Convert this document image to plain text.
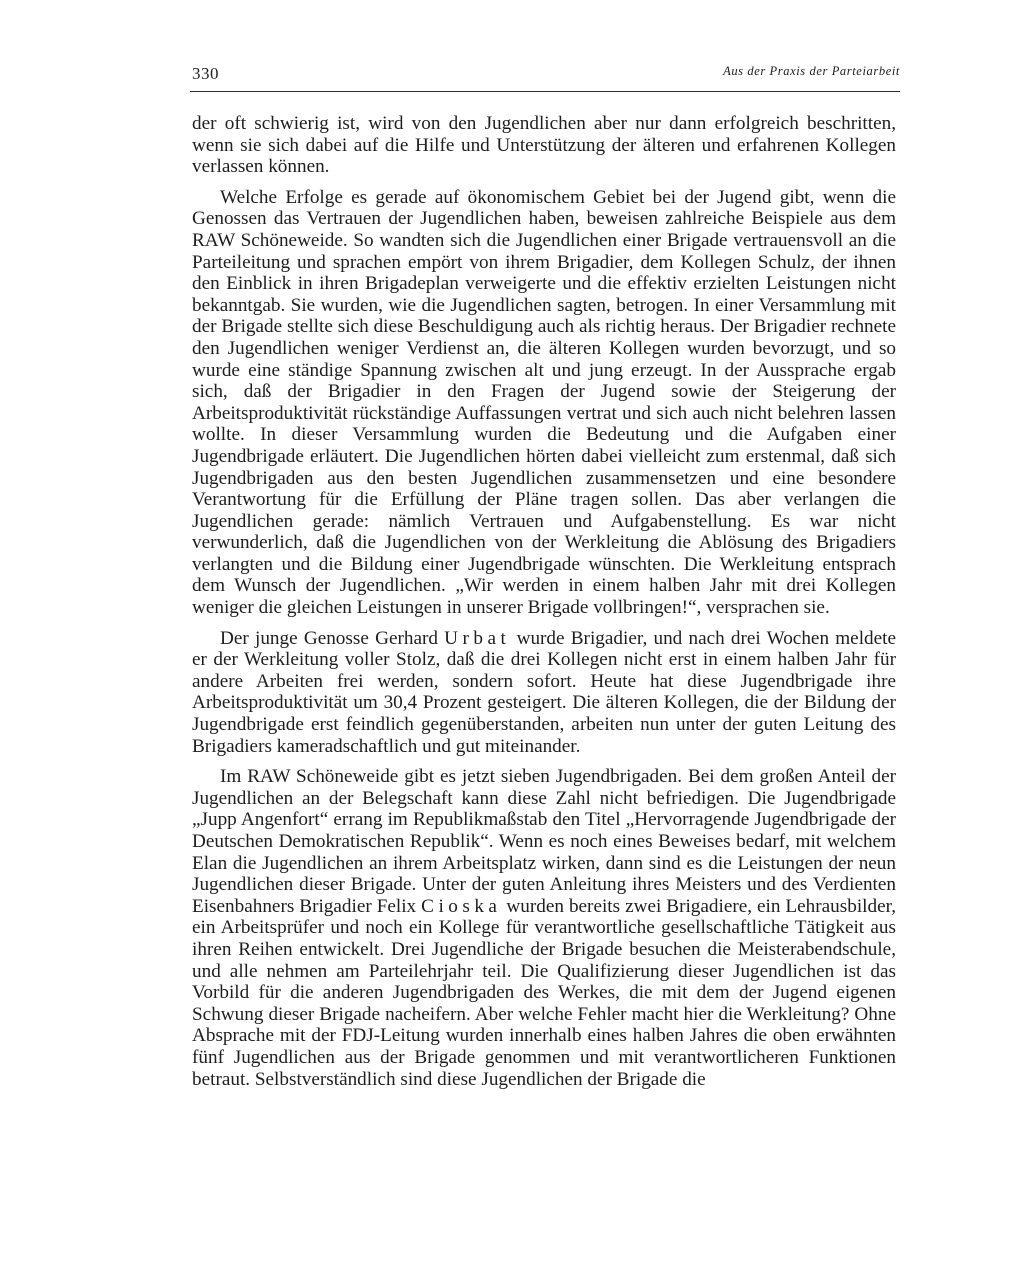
330	Aus der Praxis der Parteiarbeit

der oft schwierig ist, wird von den Jugendlichen aber nur dann erfolgreich beschritten, wenn sie sich dabei auf die Hilfe und Unterstützung der älteren und erfahrenen Kollegen verlassen können.

Welche Erfolge es gerade auf ökonomischem Gebiet bei der Jugend gibt, wenn die Genossen das Vertrauen der Jugendlichen haben, beweisen zahlreiche Beispiele aus dem RAW Schöneweide. So wandten sich die Jugendlichen einer Brigade vertrauensvoll an die Parteileitung und sprachen empört von ihrem Brigadier, dem Kollegen Schulz, der ihnen den Einblick in ihren Brigadeplan verweigerte und die effektiv erzielten Leistungen nicht bekanntgab. Sie wurden, wie die Jugendlichen sagten, betrogen. In einer Versammlung mit der Brigade stellte sich diese Beschuldigung auch als richtig heraus. Der Brigadier rechnete den Jugendlichen weniger Verdienst an, die älteren Kollegen wurden bevorzugt, und so wurde eine ständige Spannung zwischen alt und jung erzeugt. In der Aussprache ergab sich, daß der Brigadier in den Fragen der Jugend sowie der Steigerung der Arbeitsproduktivität rückständige Auffassungen vertrat und sich auch nicht belehren lassen wollte. In dieser Versammlung wurden die Bedeutung und die Aufgaben einer Jugendbrigade erläutert. Die Jugendlichen hörten dabei vielleicht zum erstenmal, daß sich Jugendbrigaden aus den besten Jugendlichen zusammensetzen und eine besondere Verantwortung für die Erfüllung der Pläne tragen sollen. Das aber verlangen die Jugendlichen gerade: nämlich Vertrauen und Aufgabenstellung. Es war nicht verwunderlich, daß die Jugendlichen von der Werkleitung die Ablösung des Brigadiers verlangten und die Bildung einer Jugendbrigade wünschten. Die Werkleitung entsprach dem Wunsch der Jugendlichen. „Wir werden in einem halben Jahr mit drei Kollegen weniger die gleichen Leistungen in unserer Brigade vollbringen!“, versprachen sie.

Der junge Genosse Gerhard Urbat wurde Brigadier, und nach drei Wochen meldete er der Werkleitung voller Stolz, daß die drei Kollegen nicht erst in einem halben Jahr für andere Arbeiten frei werden, sondern sofort. Heute hat diese Jugendbrigade ihre Arbeitsproduktivität um 30,4 Prozent gesteigert. Die älteren Kollegen, die der Bildung der Jugendbrigade erst feindlich gegenüberstanden, arbeiten nun unter der guten Leitung des Brigadiers kameradschaftlich und gut miteinander.

Im RAW Schöneweide gibt es jetzt sieben Jugendbrigaden. Bei dem großen Anteil der Jugendlichen an der Belegschaft kann diese Zahl nicht befriedigen. Die Jugendbrigade „Jupp Angenfort“ errang im Republikmaßstab den Titel „Hervorragende Jugendbrigade der Deutschen Demokratischen Republik“. Wenn es noch eines Beweises bedarf, mit welchem Elan die Jugendlichen an ihrem Arbeitsplatz wirken, dann sind es die Leistungen der neun Jugendlichen dieser Brigade. Unter der guten Anleitung ihres Meisters und des Verdienten Eisenbahners Brigadier Felix Cioska wurden bereits zwei Brigadiere, ein Lehrausbilder, ein Arbeitsprüfer und noch ein Kollege für verantwortliche gesellschaftliche Tätigkeit aus ihren Reihen entwickelt. Drei Jugendliche der Brigade besuchen die Meisterabendschule, und alle nehmen am Parteilehrjahr teil. Die Qualifizierung dieser Jugendlichen ist das Vorbild für die anderen Jugendbrigaden des Werkes, die mit dem der Jugend eigenen Schwung dieser Brigade nacheifern. Aber welche Fehler macht hier die Werkleitung? Ohne Absprache mit der FDJ-Leitung wurden innerhalb eines halben Jahres die oben erwähnten fünf Jugendlichen aus der Brigade genommen und mit verantwortlicheren Funktionen betraut. Selbstverständlich sind diese Jugendlichen der Brigade die
